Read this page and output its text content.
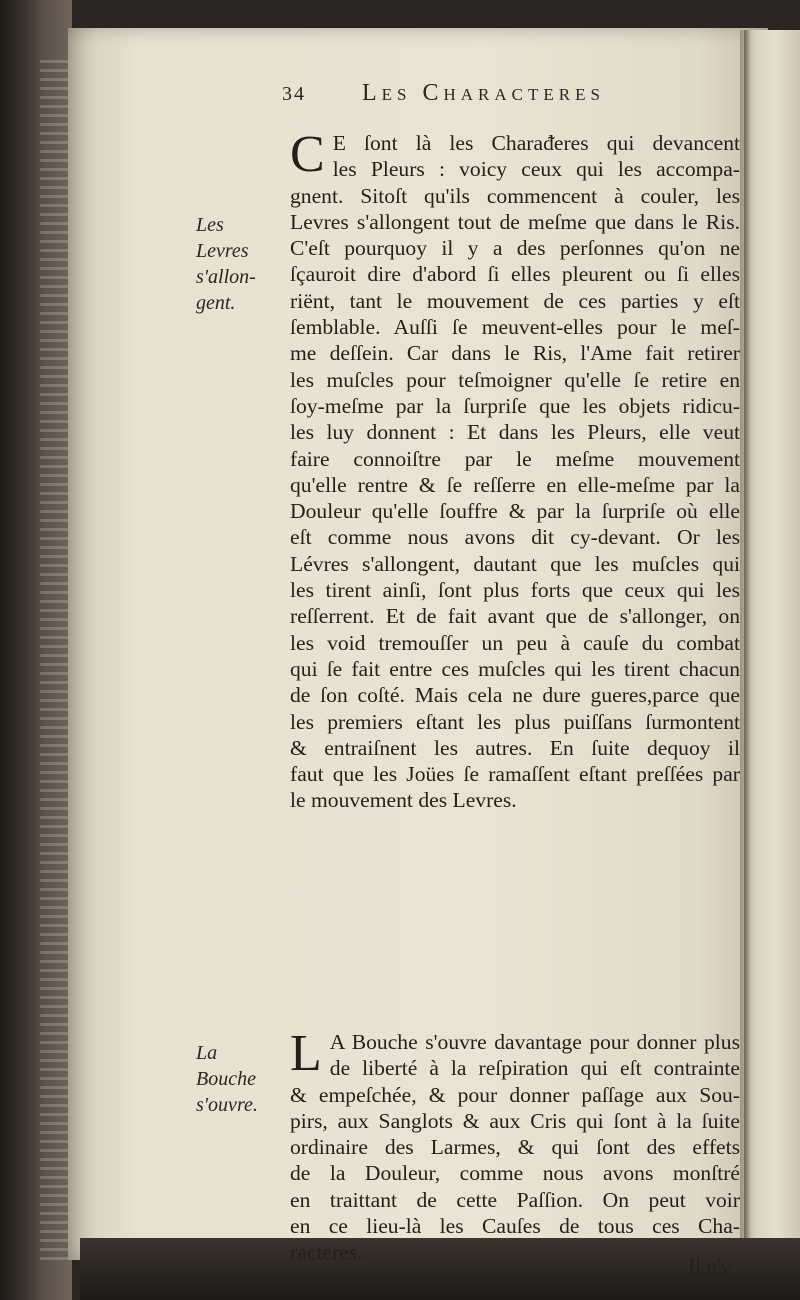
34	Les Characteres
Les
Levres
s'allon-
gent.
La
Bouche
s'ouvre.
C E ſont là les Charaᵭeres qui devancent
les Pleurs : voicy ceux qui les accompa-
gnent. Sitoſt qu'ils commencent à couler, les
Levres s'allongent tout de meſme que dans le Ris.
C'eſt pourquoy il y a des perſonnes qu'on ne
ſçauroit dire d'abord ſi elles pleurent ou ſi elles
riënt, tant le mouvement de ces parties y eſt
ſemblable. Auſſi ſe meuvent-elles pour le meſ-
me deſſein. Car dans le Ris, l'Ame fait retirer
les muſcles pour teſmoigner qu'elle ſe retire en
ſoy-meſme par la ſurpriſe que les objets ridicu-
les luy donnent : Et dans les Pleurs, elle veut
faire connoiſtre par le meſme mouvement
qu'elle rentre & ſe reſſerre en elle-meſme par la
Douleur qu'elle ſouffre & par la ſurpriſe où elle
eſt comme nous avons dit cy-devant. Or les
Lévres s'allongent, dautant que les muſcles qui
les tirent ainſi, ſont plus forts que ceux qui les
reſſerrent. Et de fait avant que de s'allonger, on
les void tremouſſer un peu à cauſe du combat
qui ſe fait entre ces muſcles qui les tirent chacun
de ſon coſté. Mais cela ne dure gueres,parce que
les premiers eſtant les plus puiſſans ſurmontent
& entraiſnent les autres. En ſuite dequoy il
faut que les Joües ſe ramaſſent eſtant preſſées par
le mouvement des Levres.
L A Bouche s'ouvre davantage pour donner plus
de liberté à la reſpiration qui eſt contrainte
& empeſchée, & pour donner paſſage aux Sou-
pirs, aux Sanglots & aux Cris qui ſont à la ſuite
ordinaire des Larmes, & qui ſont des effets
de la Douleur, comme nous avons monſtré
en traittant de cette Paſſion. On peut voir
en ce lieu-là les Cauſes de tous ces Cha-
racteres.
Il n'y
